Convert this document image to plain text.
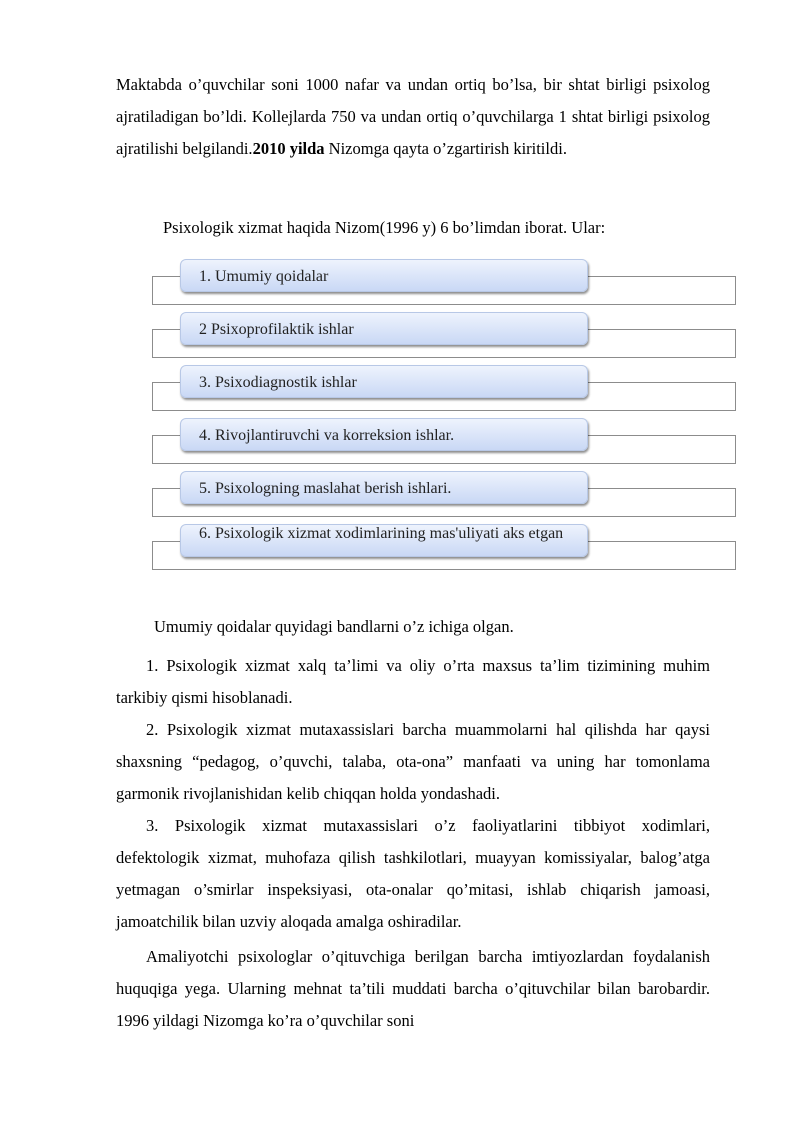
Maktabda o’quvchilar soni 1000 nafar va undan ortiq bo’lsa, bir shtat birligi psixolog ajratiladigan bo’ldi. Kollejlarda 750 va undan ortiq o’quvchilarga 1 shtat birligi psixolog ajratilishi belgilandi.2010 yilda Nizomga qayta o’zgartirish kiritildi.

Psixologik xizmat haqida Nizom(1996 y) 6 bo’limdan iborat. Ular:

1. Umumiy qoidalar
2 Psixoprofilaktik ishlar
3. Psixodiagnostik ishlar
4. Rivojlantiruvchi va korreksion ishlar.
5. Psixologning maslahat berish ishlari.
6. Psixologik xizmat xodimlarining mas'uliyati aks etgan

Umumiy qoidalar quyidagi bandlarni o’z ichiga olgan.

1. Psixologik xizmat xalq ta’limi va oliy o’rta maxsus ta’lim tizimining muhim tarkibiy qismi hisoblanadi.

2. Psixologik xizmat mutaxassislari barcha muammolarni hal qilishda har qaysi shaxsning “pedagog, o’quvchi, talaba, ota-ona” manfaati va uning har tomonlama garmonik rivojlanishidan kelib chiqqan holda yondashadi.

3. Psixologik xizmat mutaxassislari o’z faoliyatlarini tibbiyot xodimlari, defektologik xizmat, muhofaza qilish tashkilotlari, muayyan komissiyalar, balog’atga yetmagan o’smirlar inspeksiyasi, ota-onalar qo’mitasi, ishlab chiqarish jamoasi, jamoatchilik bilan uzviy aloqada amalga oshiradilar.

Amaliyotchi psixologlar o’qituvchiga berilgan barcha imtiyozlardan foydalanish huquqiga yega. Ularning mehnat ta’tili muddati barcha o’qituvchilar bilan barobardir. 1996 yildagi Nizomga ko’ra o’quvchilar soni
